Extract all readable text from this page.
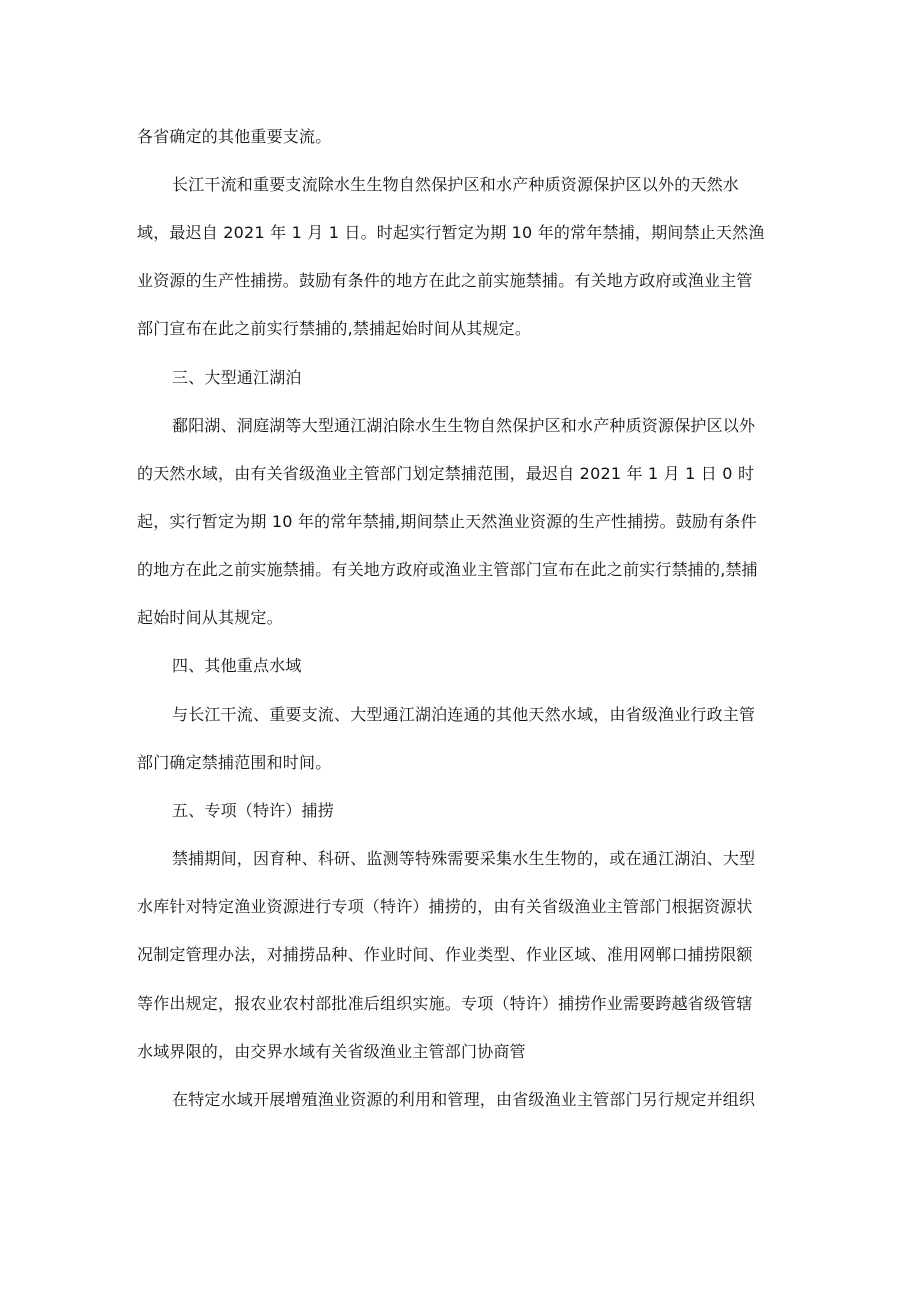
各省确定的其他重要支流。
长江干流和重要支流除水生生物自然保护区和水产种质资源保护区以外的天然水
域，最迟自 2021 年 1 月 1 日。时起实行暂定为期 10 年的常年禁捕，期间禁止天然渔
业资源的生产性捕捞。鼓励有条件的地方在此之前实施禁捕。有关地方政府或渔业主管
部门宣布在此之前实行禁捕的,禁捕起始时间从其规定。
三、大型通江湖泊
鄱阳湖、洞庭湖等大型通江湖泊除水生生物自然保护区和水产种质资源保护区以外
的天然水域，由有关省级渔业主管部门划定禁捕范围，最迟自 2021 年 1 月 1 日 0 时
起，实行暂定为期 10 年的常年禁捕,期间禁止天然渔业资源的生产性捕捞。鼓励有条件
的地方在此之前实施禁捕。有关地方政府或渔业主管部门宣布在此之前实行禁捕的,禁捕
起始时间从其规定。
四、其他重点水域
与长江干流、重要支流、大型通江湖泊连通的其他天然水域，由省级渔业行政主管
部门确定禁捕范围和时间。
五、专项（特许）捕捞
禁捕期间，因育种、科研、监测等特殊需要采集水生生物的，或在通江湖泊、大型
水库针对特定渔业资源进行专项（特许）捕捞的，由有关省级渔业主管部门根据资源状
况制定管理办法，对捕捞品种、作业时间、作业类型、作业区域、准用网郸口捕捞限额
等作出规定，报农业农村部批准后组织实施。专项（特许）捕捞作业需要跨越省级管辖
水域界限的，由交界水域有关省级渔业主管部门协商管
在特定水域开展增殖渔业资源的利用和管理，由省级渔业主管部门另行规定并组织
